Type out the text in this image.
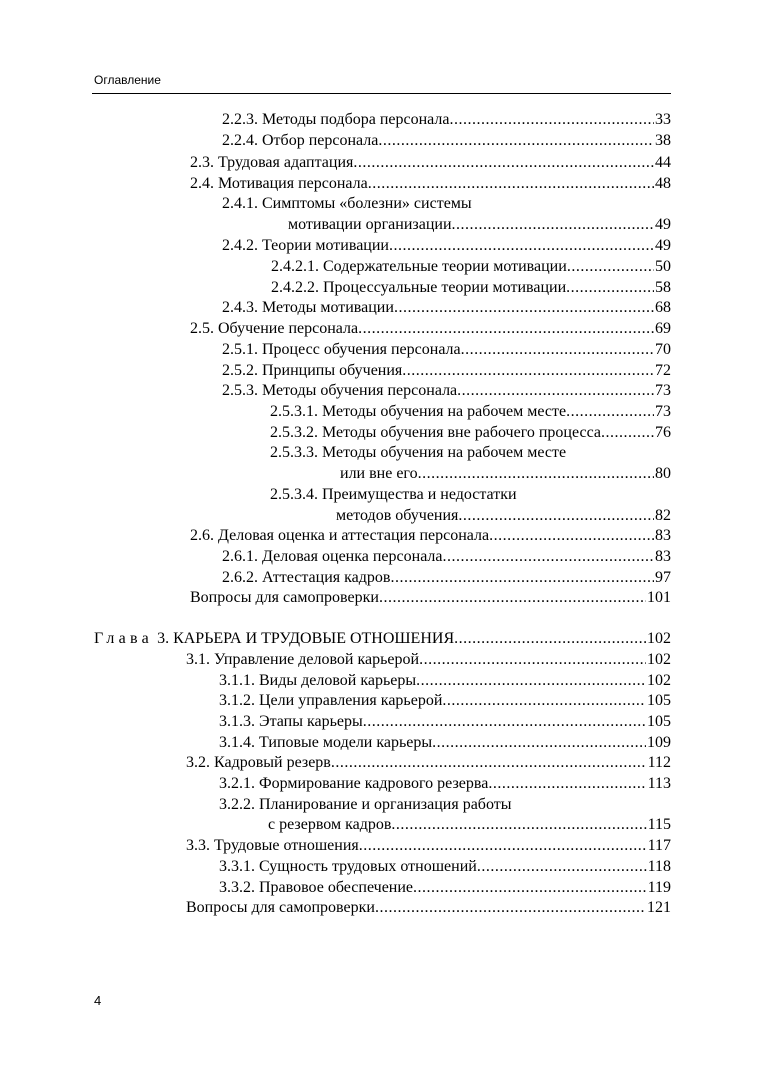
Оглавление
2.2.3. Методы подбора персонала .....	33
2.2.4. Отбор персонала .....	38
2.3. Трудовая адаптация .....	44
2.4. Мотивация персонала .....	48
2.4.1. Симптомы «болезни» системы
мотивации организации .....	49
2.4.2. Теории мотивации .....	49
2.4.2.1. Содержательные теории мотивации .....	50
2.4.2.2. Процессуальные теории мотивации .....	58
2.4.3. Методы мотивации .....	68
2.5. Обучение персонала .....	69
2.5.1. Процесс обучения персонала .....	70
2.5.2. Принципы обучения .....	72
2.5.3. Методы обучения персонала .....	73
2.5.3.1. Методы обучения на рабочем месте .....	73
2.5.3.2. Методы обучения вне рабочего процесса .....	76
2.5.3.3. Методы обучения на рабочем месте
или вне его .....	80
2.5.3.4. Преимущества и недостатки
методов обучения .....	82
2.6. Деловая оценка и аттестация персонала .....	83
2.6.1. Деловая оценка персонала .....	83
2.6.2. Аттестация кадров .....	97
Вопросы для самопроверки .....	101
Глава 3. КАРЬЕРА И ТРУДОВЫЕ ОТНОШЕНИЯ .....	102
3.1. Управление деловой карьерой .....	102
3.1.1. Виды деловой карьеры .....	102
3.1.2. Цели управления карьерой .....	105
3.1.3. Этапы карьеры .....	105
3.1.4. Типовые модели карьеры .....	109
3.2. Кадровый резерв .....	112
3.2.1. Формирование кадрового резерва .....	113
3.2.2. Планирование и организация работы
с резервом кадров .....	115
3.3. Трудовые отношения .....	117
3.3.1. Сущность трудовых отношений .....	118
3.3.2. Правовое обеспечение .....	119
Вопросы для самопроверки .....	121
4
